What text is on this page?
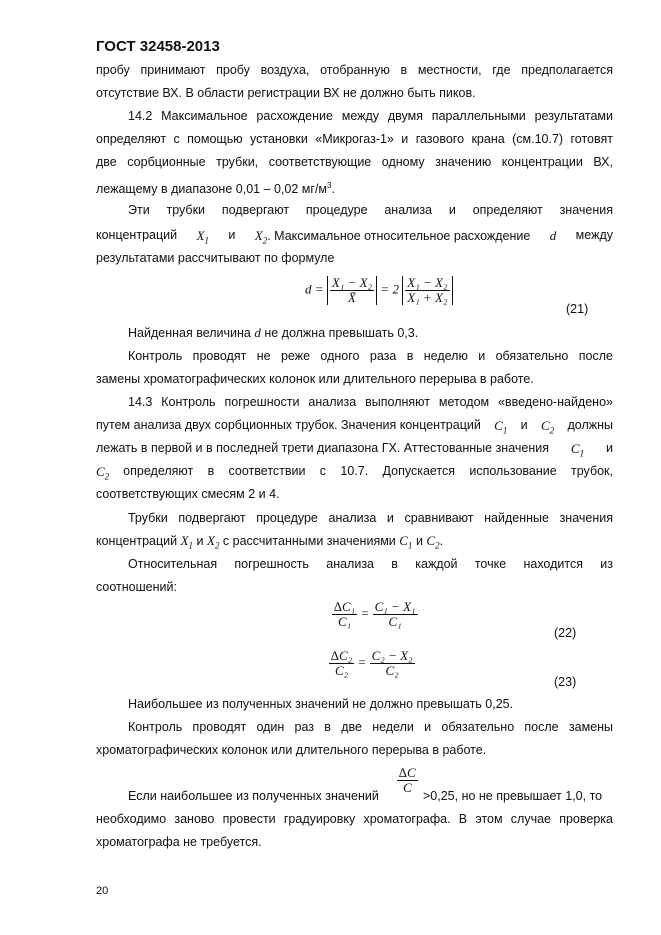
ГОСТ 32458-2013
пробу принимают пробу воздуха, отобранную в местности, где предполагается
отсутствие ВХ. В области регистрации ВХ не должно быть пиков.
14.2 Максимальное расхождение между двумя параллельными результатами
определяют с помощью установки «Микрогаз-1» и газового крана (см.10.7) готовят
две сорбционные трубки, соответствующие одному значению концентрации ВХ,
лежащему в диапазоне 0,01 – 0,02 $мг/м^3$.
Эти трубки подвергают процедуре анализа и определяют значения
концентраций $X_1$ и $X_2$. Максимальное относительное расхождение d между
результатами рассчитывают по формуле
$d = \frac{\text{X₁ − X₂}}{X̄} = 2 \frac{\text{X₁ − X₂}}{\text{X₁ + X₂}}$
(21)
Найденная величина d не должна превышать 0,3.
Контроль проводят не реже одного раза в неделю и обязательно после
замены хроматографических колонок или длительного перерыва в работе.
14.3 Контроль погрешности анализа выполняют методом «введено-найдено»
путем анализа двух сорбционных трубок. Значения концентраций $C_1$ и $C_2$ должны
лежать в первой и в последней трети диапазона ГХ. Аттестованные значения $C_1$ и
$C_2$ определяют в соответствии с 10.7. Допускается использование трубок,
соответствующих смесям 2 и 4.
Трубки подвергают процедуре анализа и сравнивают найденные значения
концентраций $X_1$ и $X_2$ с рассчитанными значениями $C_1$ и $C_2$.
Относительная погрешность анализа в каждой точке находится из
соотношений:
$\frac{\text{∆C₁}}{\text{C₁}} = \frac{\text{C₁ − X₁}}{\text{C₁}}$
(22)
$\frac{\text{∆C₂}}{\text{C₂}} = \frac{\text{C₂ − X₂}}{\text{C₂}}$
(23)
Наибольшее из полученных значений не должно превышать 0,25.
Контроль проводят один раз в две недели и обязательно после замены
хроматографических колонок или длительного перерыва в работе.
Если наибольшее из полученных значений
$\frac{\Delta C}{C}$
>0,25, но не превышает 1,0, то
необходимо заново провести градуировку хроматографа. В этом случае проверка
хроматографа не требуется.
20
